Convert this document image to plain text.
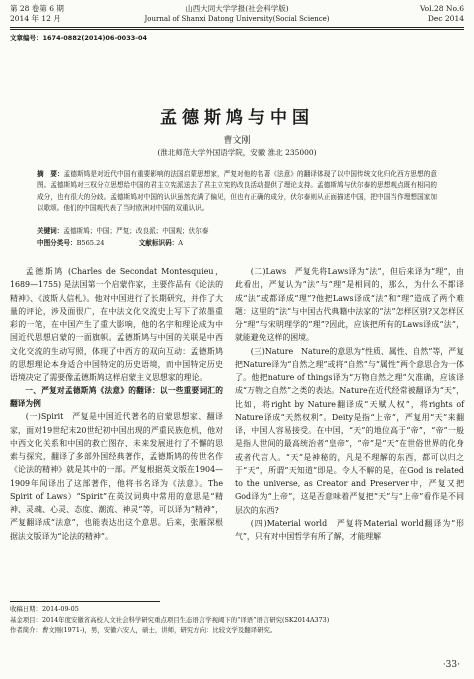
第 28 卷第 6 期
2014 年 12 月
山西大同大学学报(社会科学版)
Journal of Shanxi Datong University(Social Science)
Vol.28 No.6
Dec 2014
文章编号：1674-0882(2014)06-0033-04
孟德斯鸠与中国
曹文刚
(淮北师范大学外国语学院，安徽 淮北 235000)
摘　要：孟德斯鸠是对近代中国有重要影响的法国启蒙思想家，严复对他的名著《法意》的翻译体现了以中国传统文化归化西方思想的意图。孟德斯鸠对三权分立思想给中国的君主立宪派送去了君主立宪的改良活动提供了理论支持。孟德斯鸠与伏尔泰的思想观点既有相同的成分，也有很大的分歧。孟德斯鸠对中国的认识虽然充满了偏见，但也有正确的成分，伏尔泰则从正面描述中国，把中国当作理想国家加以歌颂。他们的中国观代表了当时欧洲对中国的双重认识。
关键词：孟德斯鸠；中国；严复；改良派；中国观；伏尔泰
中图分类号：B565.24	文献标识码：A

孟德斯鸠 (Charles de Secondat Montesquieu，1689—1755) 是法国第一个启蒙作家，主要作品有《论法的精神》、《波斯人信札》。他对中国进行了长期研究，并作了大量的评论，涉及面很广，在中法文化交流史上写下了浓墨重彩的一笔，在中国产生了重大影响，他的名字和理论成为中国近代思想启蒙的一面旗帜。孟德斯鸠与中国的关联是中西文化交流的生动写照，体现了中西方的双向互动：孟德斯鸠的思想理论本身适合中国特定的历史语境，而中国特定历史语境决定了需要像孟德斯鸠这样启蒙主义思想家的理论。

一、严复对孟德斯鸠《法意》的翻译：以一些重要词汇的翻译为例

(一)Spirit　严复是中国近代著名的启蒙思想家、翻译家，面对19世纪末20世纪初中国出现的严重民族危机，他对中西文化关系和中国的救亡图存、未来发展进行了不懈的思索与探究，翻译了多部外国经典著作，孟德斯鸠的传世名作《论法的精神》就是其中的一部。严复根据英文版在1904—1909年间译出了这部著作，他将书名译为《法意》。The Spirit of Laws）“Spirit”在英汉词典中常用的意思是“精神、灵魂、心灵、态度、潮流、神灵”等，可以译为“精神”，严复翻译成“法意”，也能表达出这个意思。后来，张雁深根据法文版译为“论法的精神”。

(二)Laws　严复先将Laws译为“法”，但后来译为“理”，由此看出，严复认为“法”与“理”是相同的，那么，为什么不都译成“法”或都译成“理”?他把Laws译成“法”和“理”造成了两个难题：这里的“法”与中国古代典籍中法家的“法”怎样区别?又怎样区分“理”与宋明理学的“理”?因此，应该把所有的Laws译成“法”，就能避免这样的困境。

(三)Nature　Nature的意思为“性质、属性、自然”等，严复把Nature译为“自然之理”或将“自然”与“属性”两个意思合为一体了。他把nature of things译为“万物自然之理”欠准确，应该译成“万物之自然”之类的表达。Nature在近代经常被翻译为“天”，比如，将right by Nature翻译成“天赋人权”，将rights of Nature译成“天然权利”。Deity是指“上帝”，严复用“天”来翻译，中国人容易接受。在中国，“天”的地位高于“帝”，“帝”一般是指人世间的最高统治者“皇帝”，“帝”是“天”在世俗世界的化身或者代言人。“天”是神秘的，凡是不理解的东西，都可以归之于“天”，所谓“天知道”即是。令人不解的是，在God is related to the universe, as Creator and Preserver中，严复又把God译为“上帝”，这是否意味着严复把“天”与“上帝”看作是不同层次的东西?

(四)Material world　严复将Material world翻译为“形气”，只有对中国哲学有所了解，才能理解

收稿日期：2014-09-05
基金项目：2014年度安徽省高校人文社会科学研究重点项目生态语言学视阈下的“译语”语言研究(SK2014A373)
作者简介：曹文刚(1971-)，男，安徽六安人，硕士，讲师，研究方向：比较文学及翻译研究。
·33·
